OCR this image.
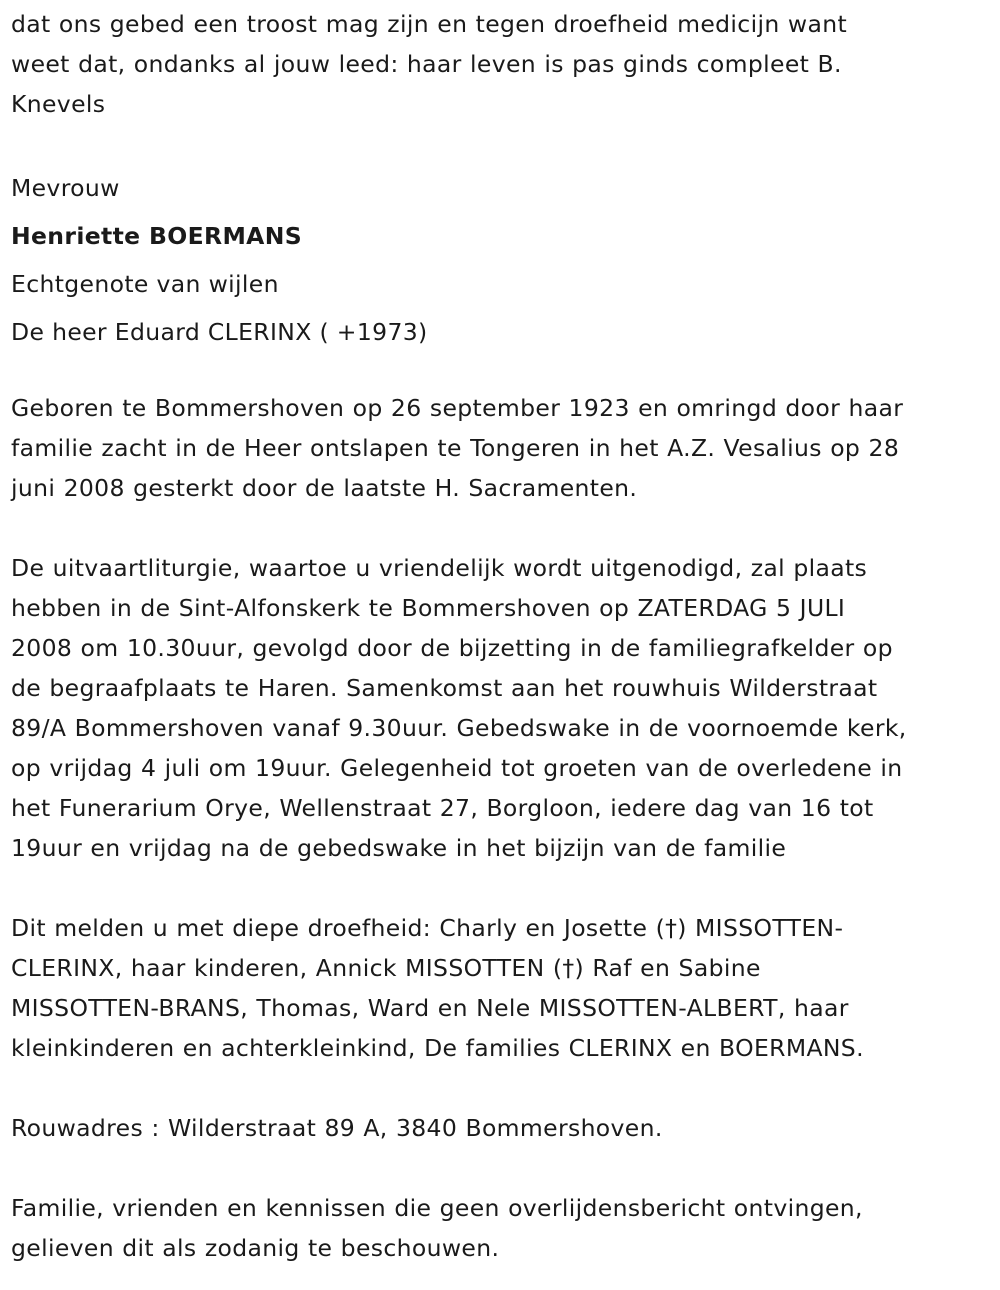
dat ons gebed een troost mag zijn en tegen droefheid medicijn want
weet dat, ondanks al jouw leed: haar leven is pas ginds compleet B.
Knevels
Mevrouw
Henriette BOERMANS
Echtgenote van wijlen
De heer Eduard CLERINX ( +1973)
Geboren te Bommershoven op 26 september 1923 en omringd door haar
familie zacht in de Heer ontslapen te Tongeren in het A.Z. Vesalius op 28
juni 2008 gesterkt door de laatste H. Sacramenten.
De uitvaartliturgie, waartoe u vriendelijk wordt uitgenodigd, zal plaats
hebben in de Sint-Alfonskerk te Bommershoven op ZATERDAG 5 JULI
2008 om 10.30uur, gevolgd door de bijzetting in de familiegrafkelder op
de begraafplaats te Haren. Samenkomst aan het rouwhuis Wilderstraat
89/A Bommershoven vanaf 9.30uur. Gebedswake in de voornoemde kerk,
op vrijdag 4 juli om 19uur. Gelegenheid tot groeten van de overledene in
het Funerarium Orye, Wellenstraat 27, Borgloon, iedere dag van 16 tot
19uur en vrijdag na de gebedswake in het bijzijn van de familie
Dit melden u met diepe droefheid: Charly en Josette (†) MISSOTTEN-
CLERINX, haar kinderen, Annick MISSOTTEN (†) Raf en Sabine
MISSOTTEN-BRANS, Thomas, Ward en Nele MISSOTTEN-ALBERT, haar
kleinkinderen en achterkleinkind, De families CLERINX en BOERMANS.
Rouwadres : Wilderstraat 89 A, 3840 Bommershoven.
Familie, vrienden en kennissen die geen overlijdensbericht ontvingen,
gelieven dit als zodanig te beschouwen.
